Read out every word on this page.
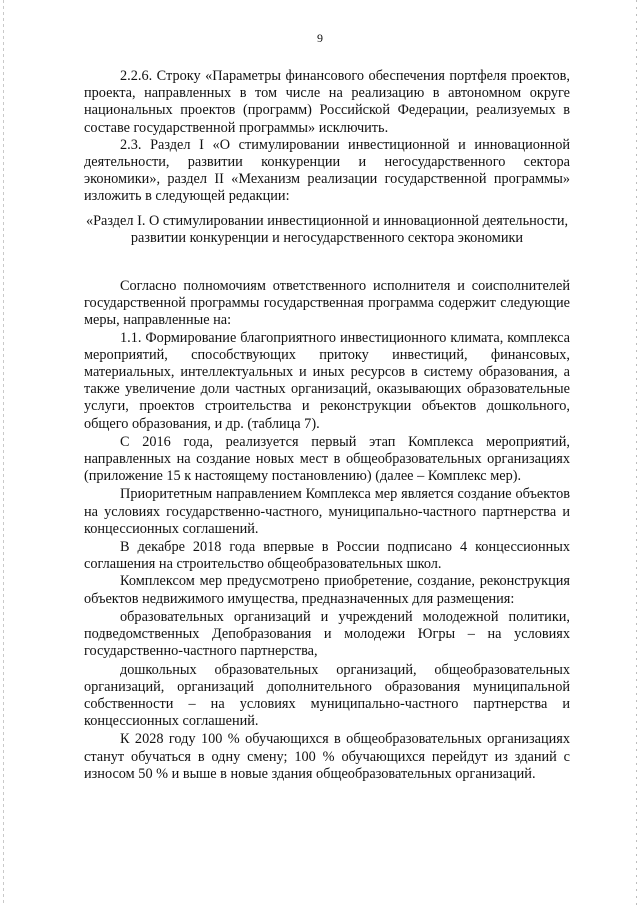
9

2.2.6. Строку «Параметры финансового обеспечения портфеля проектов, проекта, направленных в том числе на реализацию в автономном округе национальных проектов (программ) Российской Федерации, реализуемых в составе государственной программы» исключить.

2.3. Раздел I «О стимулировании инвестиционной и инновационной деятельности, развитии конкуренции и негосударственного сектора экономики», раздел II «Механизм реализации государственной программы» изложить в следующей редакции:

«Раздел I. О стимулировании инвестиционной и инновационной деятельности, развитии конкуренции и негосударственного сектора экономики

Согласно полномочиям ответственного исполнителя и соисполнителей государственной программы государственная программа содержит следующие меры, направленные на:

1.1. Формирование благоприятного инвестиционного климата, комплекса мероприятий, способствующих притоку инвестиций, финансовых, материальных, интеллектуальных и иных ресурсов в систему образования, а также увеличение доли частных организаций, оказывающих образовательные услуги, проектов строительства и реконструкции объектов дошкольного, общего образования, и др. (таблица 7).

С 2016 года, реализуется первый этап Комплекса мероприятий, направленных на создание новых мест в общеобразовательных организациях (приложение 15 к настоящему постановлению) (далее – Комплекс мер).

Приоритетным направлением Комплекса мер является создание объектов на условиях государственно-частного, муниципально-частного партнерства и концессионных соглашений.

В декабре 2018 года впервые в России подписано 4 концессионных соглашения на строительство общеобразовательных школ.

Комплексом мер предусмотрено приобретение, создание, реконструкция объектов недвижимого имущества, предназначенных для размещения:

образовательных организаций и учреждений молодежной политики, подведомственных Депобразования и молодежи Югры – на условиях государственно-частного партнерства,

дошкольных образовательных организаций, общеобразовательных организаций, организаций дополнительного образования муниципальной собственности – на условиях муниципально-частного партнерства и концессионных соглашений.

К 2028 году 100 % обучающихся в общеобразовательных организациях станут обучаться в одну смену; 100 % обучающихся перейдут из зданий с износом 50 % и выше в новые здания общеобразовательных организаций.
